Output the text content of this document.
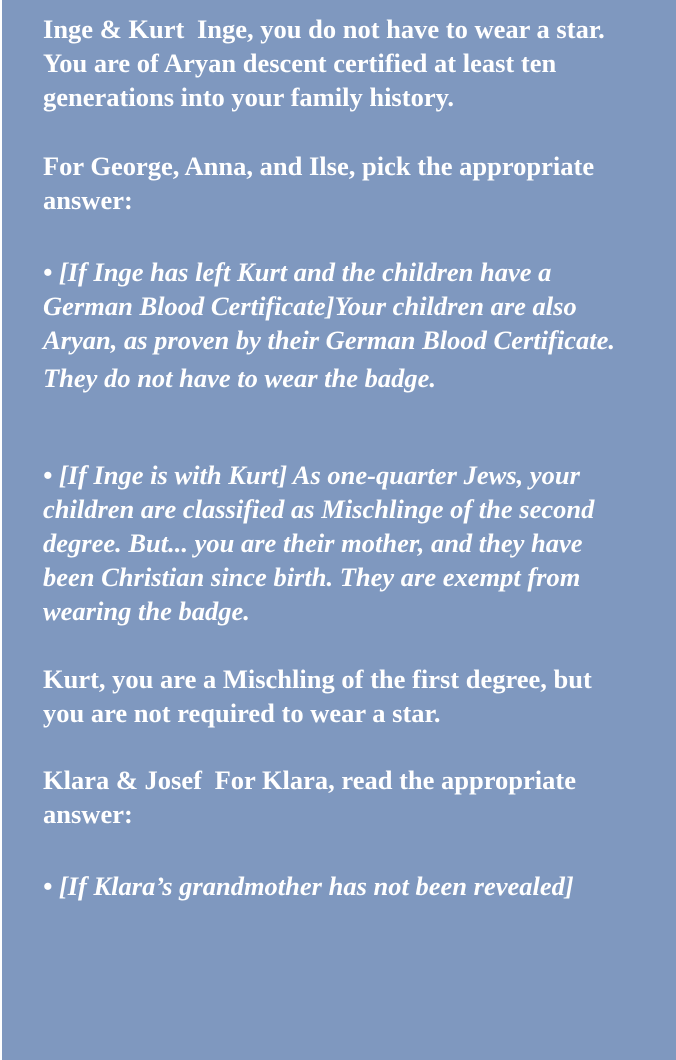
Inge & Kurt Inge, you do not have to wear a star. You are of Aryan descent certified at least ten generations into your family history.

For George, Anna, and Ilse, pick the appropriate answer:

• [If Inge has left Kurt and the children have a German Blood Certificate]Your children are also Aryan, as proven by their German Blood Certificate. They do not have to wear the badge.

• [If Inge is with Kurt] As one-quarter Jews, your children are classified as Mischlinge of the second degree. But... you are their mother, and they have been Christian since birth. They are exempt from wearing the badge.

Kurt, you are a Mischling of the first degree, but you are not required to wear a star.

Klara & Josef For Klara, read the appropriate answer:

• [If Klara’s grandmother has not been revealed]
